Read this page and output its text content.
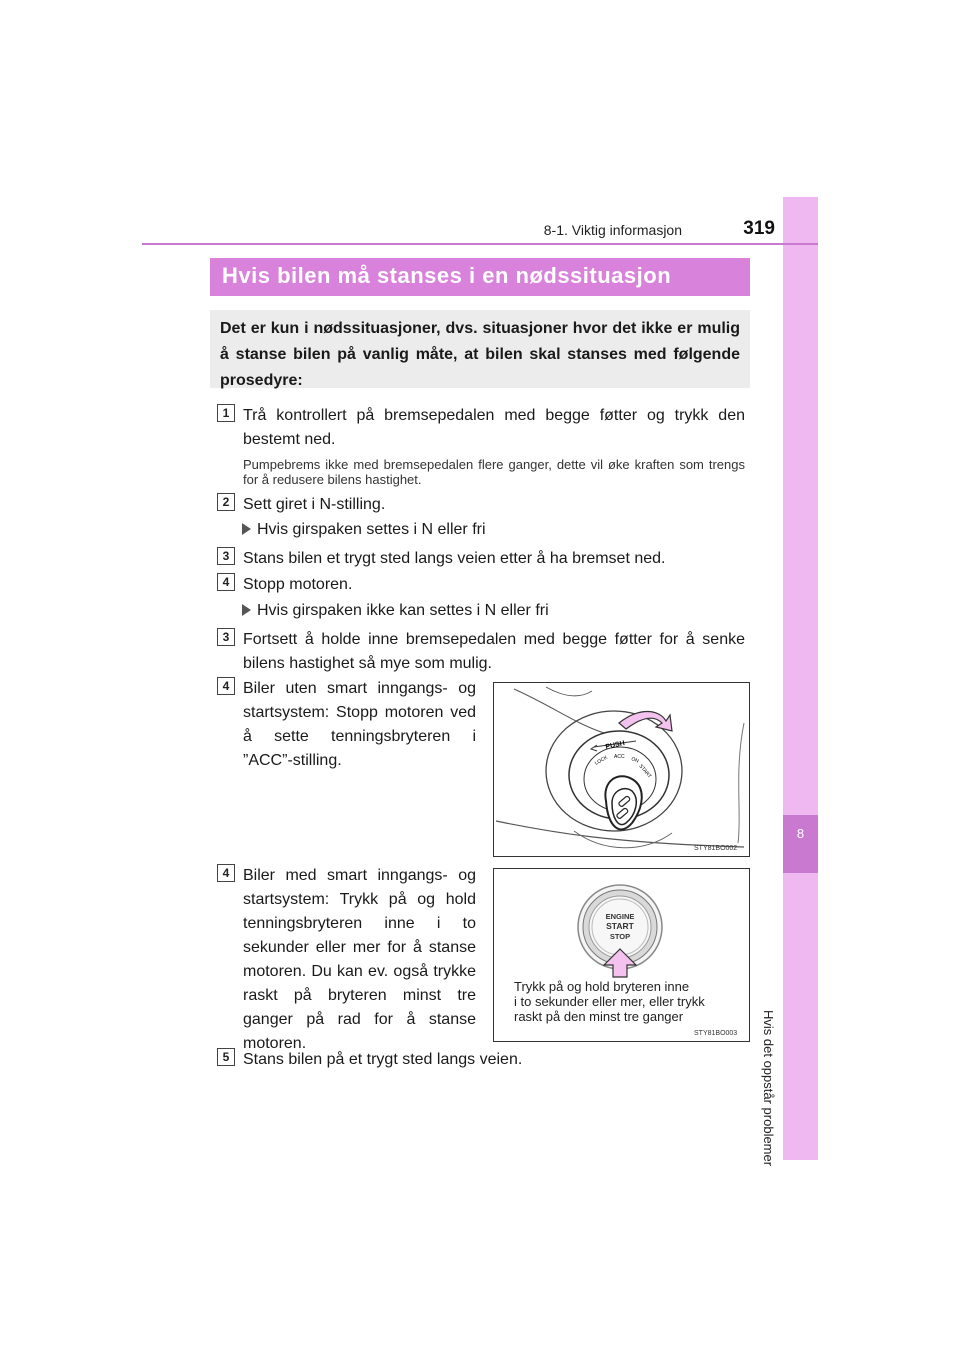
8
Hvis det oppstår problemer
8-1. Viktig informasjon	319
Hvis bilen må stanses i en nødssituasjon
Det er kun i nødssituasjoner, dvs. situasjoner hvor det ikke er mulig å stanse bilen på vanlig måte, at bilen skal stanses med følgende prosedyre:
1 Trå kontrollert på bremsepedalen med begge føtter og trykk den bestemt ned.
Pumpebrems ikke med bremsepedalen flere ganger, dette vil øke kraften som trengs for å redusere bilens hastighet.
2 Sett giret i N-stilling.
Hvis girspaken settes i N eller fri
3 Stans bilen et trygt sted langs veien etter å ha bremset ned.
4 Stopp motoren.
Hvis girspaken ikke kan settes i N eller fri
3 Fortsett å holde inne bremsepedalen med begge føtter for å senke bilens hastighet så mye som mulig.
4 Biler uten smart inngangs- og startsystem: Stopp motoren ved å sette tenningsbryteren i ”ACC”-stilling.
PUSH
LOCK ACC ON
START
STY81BO002
4 Biler med smart inngangs- og startsystem: Trykk på og hold tenningsbryteren inne i to sekunder eller mer for å stanse motoren. Du kan ev. også trykke raskt på bryteren minst tre ganger på rad for å stanse motoren.
ENGINE
START
STOP
Trykk på og hold bryteren inne
i to sekunder eller mer, eller trykk
raskt på den minst tre ganger
STY81BO003
5 Stans bilen på et trygt sted langs veien.
